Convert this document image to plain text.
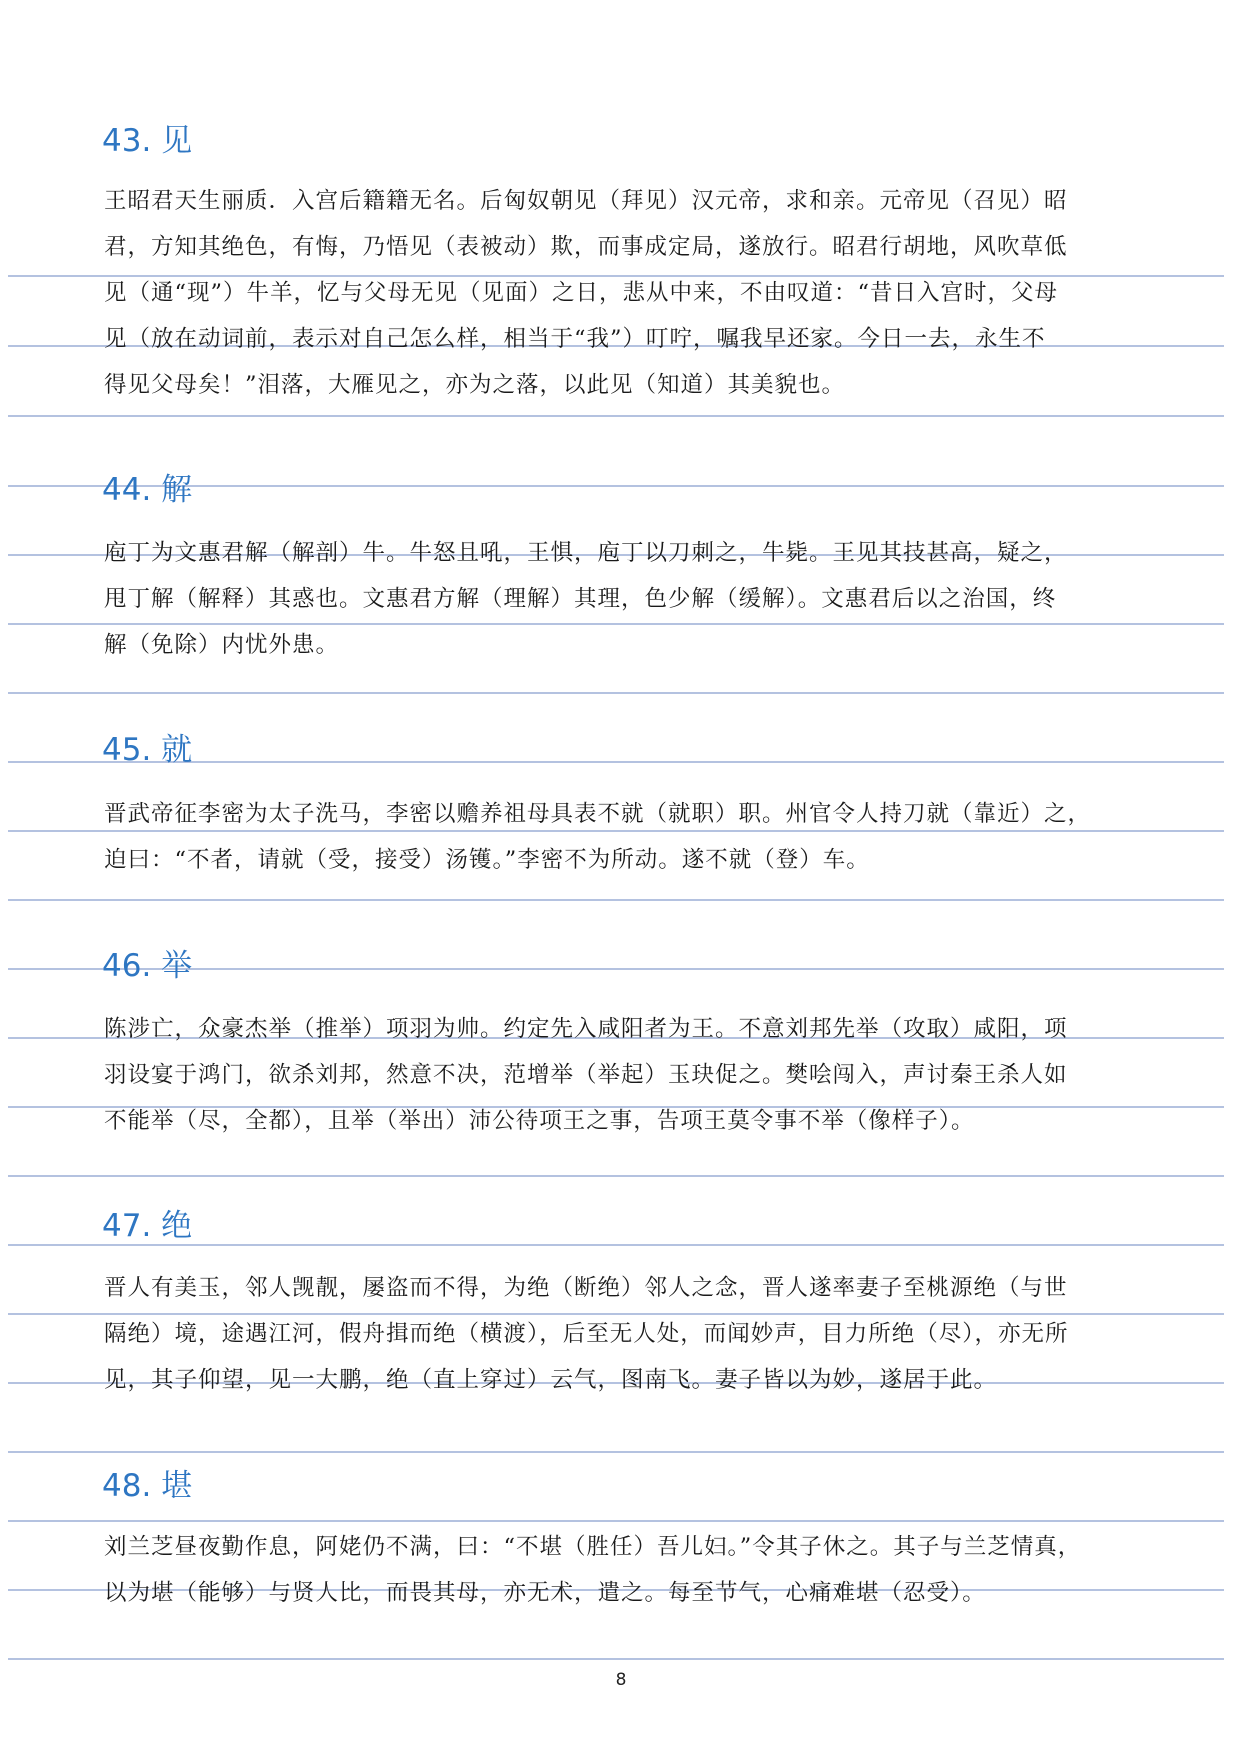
43. 见
王昭君天生丽质．入宫后籍籍无名。后匈奴朝见（拜见）汉元帝，求和亲。元帝见（召见）昭
君，方知其绝色，有悔，乃悟见（表被动）欺，而事成定局，遂放行。昭君行胡地，风吹草低
见（通“现”）牛羊，忆与父母无见（见面）之日，悲从中来，不由叹道：“昔日入宫时，父母
见（放在动词前，表示对自己怎么样，相当于“我”）叮咛，嘱我早还家。今日一去，永生不
得见父母矣！”泪落，大雁见之，亦为之落，以此见（知道）其美貌也。
44. 解
庖丁为文惠君解（解剖）牛。牛怒且吼，王惧，庖丁以刀刺之，牛毙。王见其技甚高，疑之，
甩丁解（解释）其惑也。文惠君方解（理解）其理，色少解（缓解）。文惠君后以之治国，终
解（免除）内忧外患。
45. 就
晋武帝征李密为太子洗马，李密以赡养祖母具表不就（就职）职。州官令人持刀就（靠近）之，
迫曰：“不者，请就（受，接受）汤镬。”李密不为所动。遂不就（登）车。
46. 举
陈涉亡，众豪杰举（推举）项羽为帅。约定先入咸阳者为王。不意刘邦先举（攻取）咸阳，项
羽设宴于鸿门，欲杀刘邦，然意不决，范增举（举起）玉玦促之。樊哙闯入，声讨秦王杀人如
不能举（尽，全都），且举（举出）沛公待项王之事，告项王莫令事不举（像样子）。
47. 绝
晋人有美玉，邻人觊靓，屡盗而不得，为绝（断绝）邻人之念，晋人遂率妻子至桃源绝（与世
隔绝）境，途遇江河，假舟揖而绝（横渡），后至无人处，而闻妙声，目力所绝（尽），亦无所
见，其子仰望，见一大鹏，绝（直上穿过）云气，图南飞。妻子皆以为妙，遂居于此。
48. 堪
刘兰芝昼夜勤作息，阿姥仍不满，曰：“不堪（胜任）吾儿妇。”令其子休之。其子与兰芝情真，
以为堪（能够）与贤人比，而畏其母，亦无术，遣之。每至节气，心痛难堪（忍受）。
8
